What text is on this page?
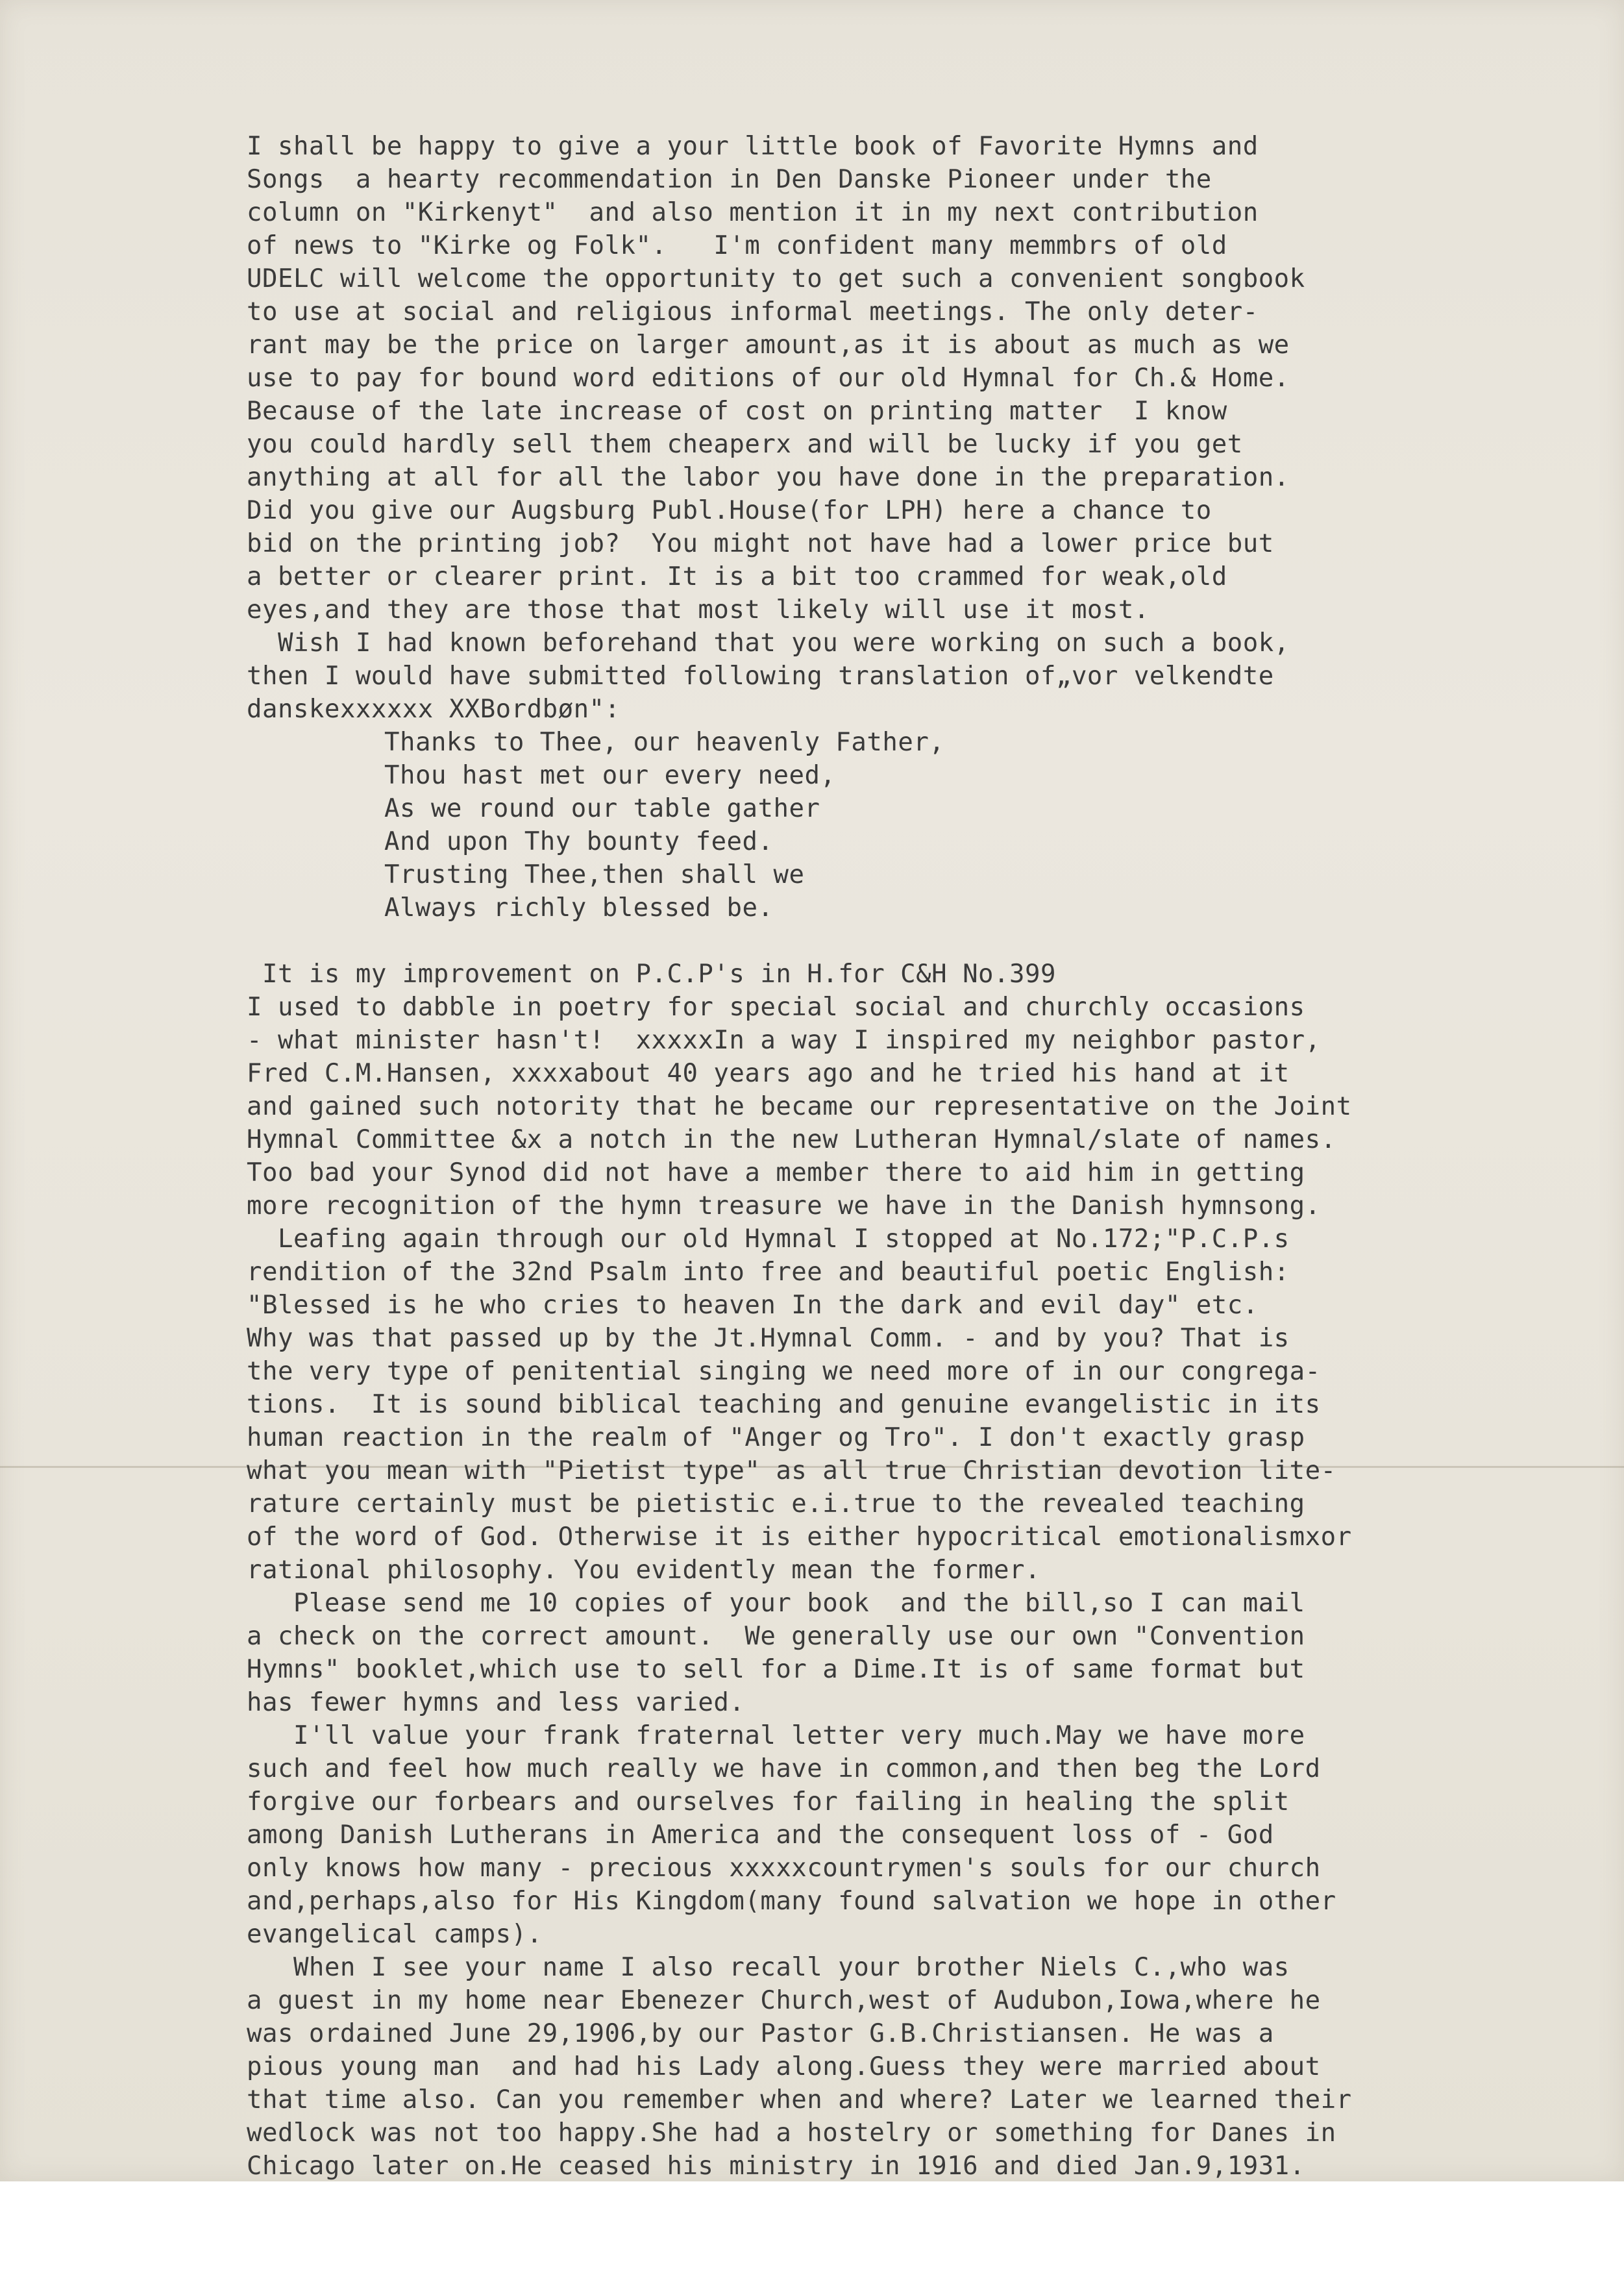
I shall be happy to give a your little book of Favorite Hymns and
Songs  a hearty recommendation in Den Danske Pioneer under the
column on "Kirkenyt"  and also mention it in my next contribution
of news to "Kirke og Folk".   I'm confident many memmbrs of old
UDELC will welcome the opportunity to get such a convenient songbook
to use at social and religious informal meetings. The only deter-
rant may be the price on larger amount,as it is about as much as we
use to pay for bound word editions of our old Hymnal for Ch.& Home.
Because of the late increase of cost on printing matter  I know
you could hardly sell them cheaperx and will be lucky if you get
anything at all for all the labor you have done in the preparation.
Did you give our Augsburg Publ.House(for LPH) here a chance to
bid on the printing job?  You might not have had a lower price but
a better or clearer print. It is a bit too crammed for weak,old
eyes,and they are those that most likely will use it most.
Wish I had known beforehand that you were working on such a book,
then I would have submitted following translation of„vor velkendte
danskexxxxxx XXBordbøn":
Thanks to Thee, our heavenly Father,
Thou hast met our every need,
As we round our table gather
And upon Thy bounty feed.
Trusting Thee,then shall we
Always richly blessed be.
It is my improvement on P.C.P's in H.for C&H No.399
I used to dabble in poetry for special social and churchly occasions
- what minister hasn't!  xxxxxIn a way I inspired my neighbor pastor,
Fred C.M.Hansen, xxxxabout 40 years ago and he tried his hand at it
and gained such notority that he became our representative on the Joint
Hymnal Committee &x a notch in the new Lutheran Hymnal/slate of names.
Too bad your Synod did not have a member there to aid him in getting
more recognition of the hymn treasure we have in the Danish hymnsong.
Leafing again through our old Hymnal I stopped at No.172;"P.C.P.s
rendition of the 32nd Psalm into free and beautiful poetic English:
"Blessed is he who cries to heaven In the dark and evil day" etc.
Why was that passed up by the Jt.Hymnal Comm. - and by you? That is
the very type of penitential singing we need more of in our congrega-
tions.  It is sound biblical teaching and genuine evangelistic in its
human reaction in the realm of "Anger og Tro". I don't exactly grasp
what you mean with "Pietist type" as all true Christian devotion lite-
rature certainly must be pietistic e.i.true to the revealed teaching
of the word of God. Otherwise it is either hypocritical emotionalismxor
rational philosophy. You evidently mean the former.
Please send me 10 copies of your book  and the bill,so I can mail
a check on the correct amount.  We generally use our own "Convention
Hymns" booklet,which use to sell for a Dime.It is of same format but
has fewer hymns and less varied.
I'll value your frank fraternal letter very much.May we have more
such and feel how much really we have in common,and then beg the Lord
forgive our forbears and ourselves for failing in healing the split
among Danish Lutherans in America and the consequent loss of - God
only knows how many - precious xxxxxcountrymen's souls for our church
and,perhaps,also for His Kingdom(many found salvation we hope in other
evangelical camps).
When I see your name I also recall your brother Niels C.,who was
a guest in my home near Ebenezer Church,west of Audubon,Iowa,where he
was ordained June 29,1906,by our Pastor G.B.Christiansen. He was a
pious young man  and had his Lady along.Guess they were married about
that time also. Can you remember when and where? Later we learned their
wedlock was not too happy.She had a hostelry or something for Danes in
Chicago later on.He ceased his ministry in 1916 and died Jan.9,1931.
